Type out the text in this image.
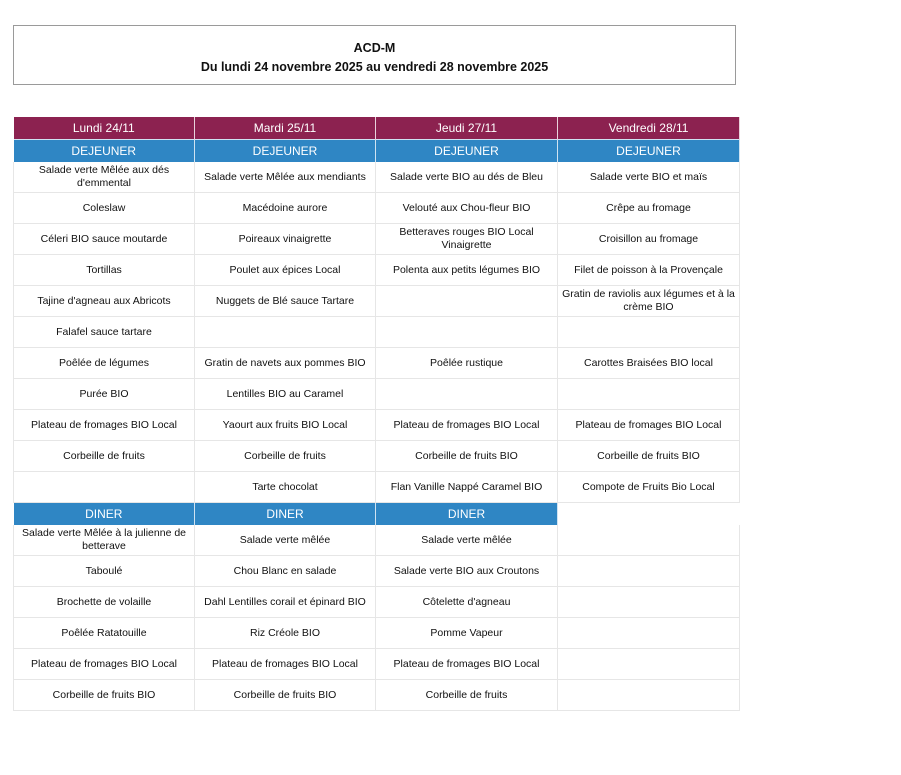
ACD-M
Du lundi 24 novembre 2025 au vendredi 28 novembre 2025
Lundi 24/11	Mardi 25/11	Jeudi 27/11	Vendredi 28/11
DEJEUNER	DEJEUNER	DEJEUNER	DEJEUNER
Salade verte Mêlée aux dés d'emmental	Salade verte Mêlée aux mendiants	Salade verte BIO au dés de Bleu	Salade verte BIO et maïs
Coleslaw	Macédoine aurore	Velouté aux Chou-fleur BIO	Crêpe au fromage
Céleri BIO sauce moutarde	Poireaux vinaigrette	Betteraves rouges BIO Local Vinaigrette	Croisillon au fromage
Tortillas	Poulet aux épices Local	Polenta aux petits légumes BIO	Filet de poisson à la Provençale
Tajine d'agneau aux Abricots	Nuggets de Blé sauce Tartare		Gratin de raviolis aux légumes et à la crème BIO
Falafel sauce tartare			
Poêlée de légumes	Gratin de navets aux pommes BIO	Poêlée rustique	Carottes Braisées BIO local
Purée BIO	Lentilles BIO au Caramel		
Plateau de fromages BIO Local	Yaourt aux fruits BIO Local	Plateau de fromages BIO Local	Plateau de fromages BIO Local
Corbeille de fruits	Corbeille de fruits	Corbeille de fruits BIO	Corbeille de fruits BIO
	Tarte chocolat	Flan Vanille Nappé Caramel BIO	Compote de Fruits Bio Local
DINER	DINER	DINER	
Salade verte Mêlée à la julienne de betterave	Salade verte mêlée	Salade verte mêlée	
Taboulé	Chou Blanc en salade	Salade verte BIO aux Croutons	
Brochette de volaille	Dahl Lentilles corail et épinard BIO	Côtelette d'agneau	
Poêlée Ratatouille	Riz Créole BIO	Pomme Vapeur	
Plateau de fromages BIO Local	Plateau de fromages BIO Local	Plateau de fromages BIO Local	
Corbeille de fruits BIO	Corbeille de fruits BIO	Corbeille de fruits	
